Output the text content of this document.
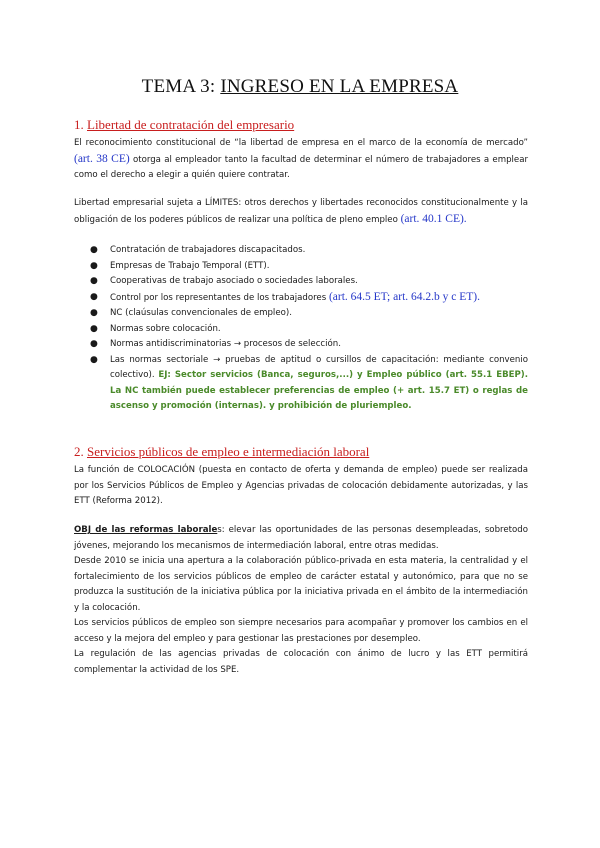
TEMA 3: INGRESO EN LA EMPRESA
1. Libertad de contratación del empresario
El reconocimiento constitucional de “la libertad de empresa en el marco de la economía de mercado” (art. 38 CE) otorga al empleador tanto la facultad de determinar el número de trabajadores a emplear como el derecho a elegir a quién quiere contratar.
Libertad empresarial sujeta a LÍMITES: otros derechos y libertades reconocidos constitucionalmente y la obligación de los poderes públicos de realizar una política de pleno empleo (art. 40.1 CE).
● Contratación de trabajadores discapacitados.
● Empresas de Trabajo Temporal (ETT).
● Cooperativas de trabajo asociado o sociedades laborales.
● Control por los representantes de los trabajadores (art. 64.5 ET; art. 64.2.b y c ET).
● NC (claúsulas convencionales de empleo).
● Normas sobre colocación.
● Normas antidiscriminatorias → procesos de selección.
● Las normas sectoriale → pruebas de aptitud o cursillos de capacitación: mediante convenio colectivo). EJ: Sector servicios (Banca, seguros,...) y Empleo público (art. 55.1 EBEP). La NC también puede establecer preferencias de empleo (+ art. 15.7 ET) o reglas de ascenso y promoción (internas). y prohibición de pluriempleo.
2. Servicios públicos de empleo e intermediación laboral
La función de COLOCACIÓN (puesta en contacto de oferta y demanda de empleo) puede ser realizada por los Servicios Públicos de Empleo y Agencias privadas de colocación debidamente autorizadas, y las ETT (Reforma 2012).
OBJ de las reformas laborales: elevar las oportunidades de las personas desempleadas, sobretodo jóvenes, mejorando los mecanismos de intermediación laboral, entre otras medidas.
Desde 2010 se inicia una apertura a la colaboración público-privada en esta materia, la centralidad y el fortalecimiento de los servicios públicos de empleo de carácter estatal y autonómico, para que no se produzca la sustitución de la iniciativa pública por la iniciativa privada en el ámbito de la intermediación y la colocación.
Los servicios públicos de empleo son siempre necesarios para acompañar y promover los cambios en el acceso y la mejora del empleo y para gestionar las prestaciones por desempleo.
La regulación de las agencias privadas de colocación con ánimo de lucro y las ETT permitirá complementar la actividad de los SPE.
